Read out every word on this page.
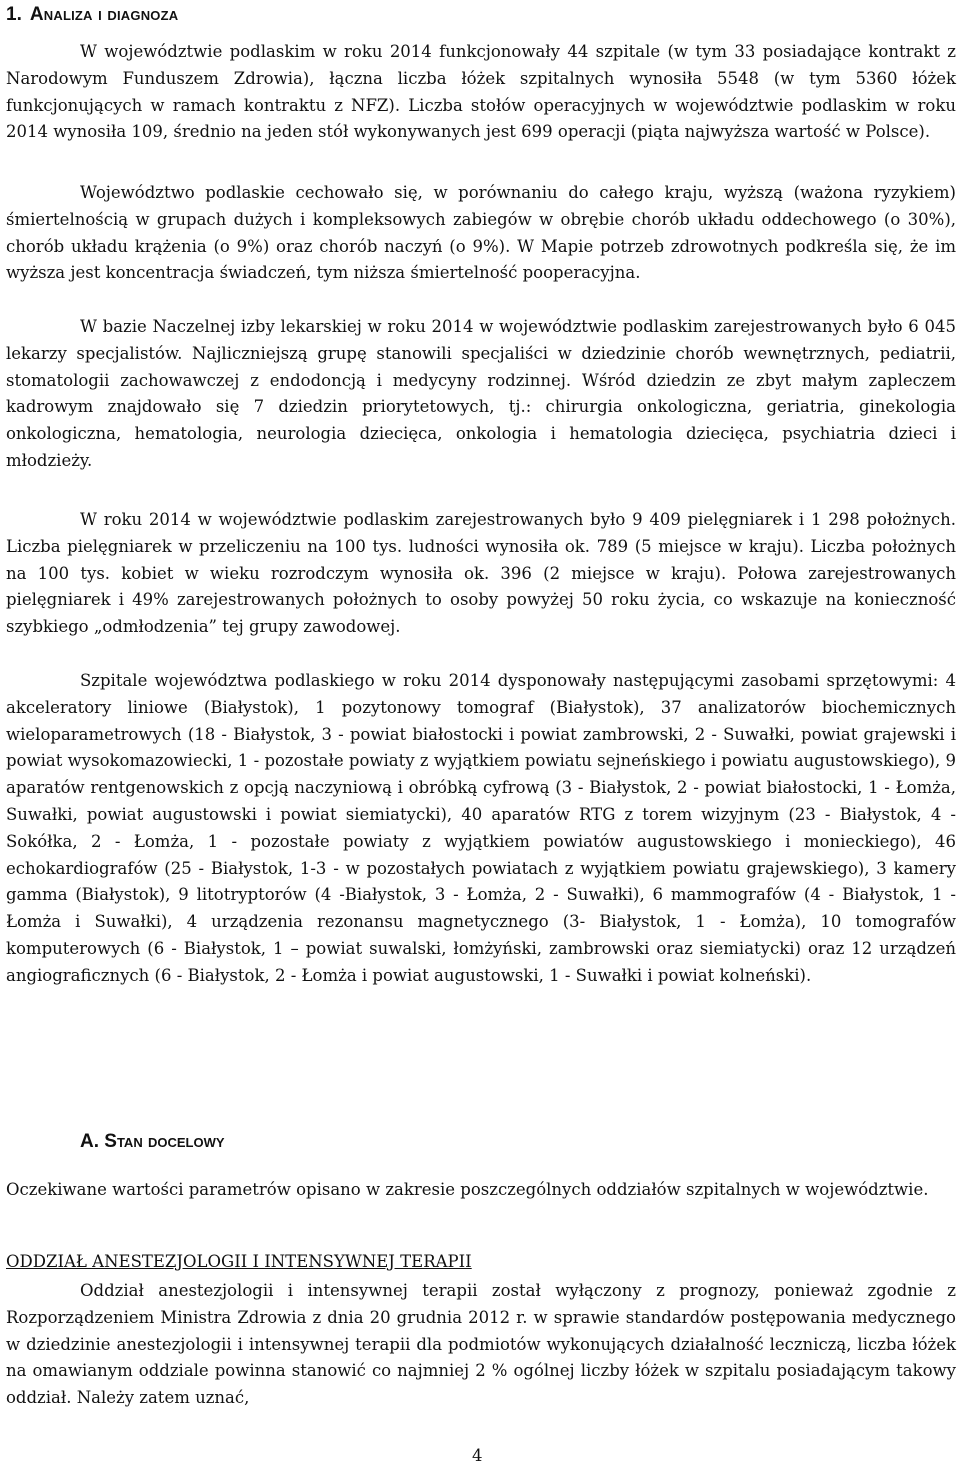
1. Analiza i diagnoza

W województwie podlaskim w roku 2014 funkcjonowały 44 szpitale (w tym 33 posiadające kontrakt z Narodowym Funduszem Zdrowia), łączna liczba łóżek szpitalnych wynosiła 5548 (w tym 5360 łóżek funkcjonujących w ramach kontraktu z NFZ). Liczba stołów operacyjnych w województwie podlaskim w roku 2014 wynosiła 109, średnio na jeden stół wykonywanych jest 699 operacji (piąta najwyższa wartość w Polsce).

Województwo podlaskie cechowało się, w porównaniu do całego kraju, wyższą (ważona ryzykiem) śmiertelnością w grupach dużych i kompleksowych zabiegów w obrębie chorób układu oddechowego (o 30%), chorób układu krążenia (o 9%) oraz chorób naczyń (o 9%). W Mapie potrzeb zdrowotnych podkreśla się, że im wyższa jest koncentracja świadczeń, tym niższa śmiertelność pooperacyjna.

W bazie Naczelnej izby lekarskiej w roku 2014 w województwie podlaskim zarejestrowanych było 6 045 lekarzy specjalistów. Najliczniejszą grupę stanowili specjaliści w dziedzinie chorób wewnętrznych, pediatrii, stomatologii zachowawczej z endodoncją i medycyny rodzinnej. Wśród dziedzin ze zbyt małym zapleczem kadrowym znajdowało się 7 dziedzin priorytetowych, tj.: chirurgia onkologiczna, geriatria, ginekologia onkologiczna, hematologia, neurologia dziecięca, onkologia i hematologia dziecięca, psychiatria dzieci i młodzieży.

W roku 2014 w województwie podlaskim zarejestrowanych było 9 409 pielęgniarek i 1 298 położnych. Liczba pielęgniarek w przeliczeniu na 100 tys. ludności wynosiła ok. 789 (5 miejsce w kraju). Liczba położnych na 100 tys. kobiet w wieku rozrodczym wynosiła ok. 396 (2 miejsce w kraju). Połowa zarejestrowanych pielęgniarek i 49% zarejestrowanych położnych to osoby powyżej 50 roku życia, co wskazuje na konieczność szybkiego „odmłodzenia” tej grupy zawodowej.

Szpitale województwa podlaskiego w roku 2014 dysponowały następującymi zasobami sprzętowymi: 4 akceleratory liniowe (Białystok), 1 pozytonowy tomograf (Białystok), 37 analizatorów biochemicznych wieloparametrowych (18 - Białystok, 3 - powiat białostocki i powiat zambrowski, 2 - Suwałki, powiat grajewski i powiat wysokomazowiecki, 1 - pozostałe powiaty z wyjątkiem powiatu sejneńskiego i powiatu augustowskiego), 9 aparatów rentgenowskich z opcją naczyniową i obróbką cyfrową (3 - Białystok, 2 - powiat białostocki, 1 - Łomża, Suwałki, powiat augustowski i powiat siemiatycki), 40 aparatów RTG z torem wizyjnym (23 - Białystok, 4 - Sokółka, 2 - Łomża, 1 - pozostałe powiaty z wyjątkiem powiatów augustowskiego i monieckiego), 46 echokardiografów (25 - Białystok, 1-3 - w pozostałych powiatach z wyjątkiem powiatu grajewskiego), 3 kamery gamma (Białystok), 9 litotryptorów (4 -Białystok, 3 - Łomża, 2 - Suwałki), 6 mammografów (4 - Białystok, 1 - Łomża i Suwałki), 4 urządzenia rezonansu magnetycznego (3- Białystok, 1 - Łomża), 10 tomografów komputerowych (6 - Białystok, 1 – powiat suwalski, łomżyński, zambrowski oraz siemiatycki) oraz 12 urządzeń angiograficznych (6 - Białystok, 2 - Łomża i powiat augustowski, 1 - Suwałki i powiat kolneński).

A. Stan docelowy

Oczekiwane wartości parametrów opisano w zakresie poszczególnych oddziałów szpitalnych w województwie.

ODDZIAŁ ANESTEZJOLOGII I INTENSYWNEJ TERAPII

Oddział anestezjologii i intensywnej terapii został wyłączony z prognozy, ponieważ zgodnie z Rozporządzeniem Ministra Zdrowia z dnia 20 grudnia 2012 r. w sprawie standardów postępowania medycznego w dziedzinie anestezjologii i intensywnej terapii dla podmiotów wykonujących działalność leczniczą, liczba łóżek na omawianym oddziale powinna stanowić co najmniej 2 % ogólnej liczby łóżek w szpitalu posiadającym takowy oddział. Należy zatem uznać,

4
